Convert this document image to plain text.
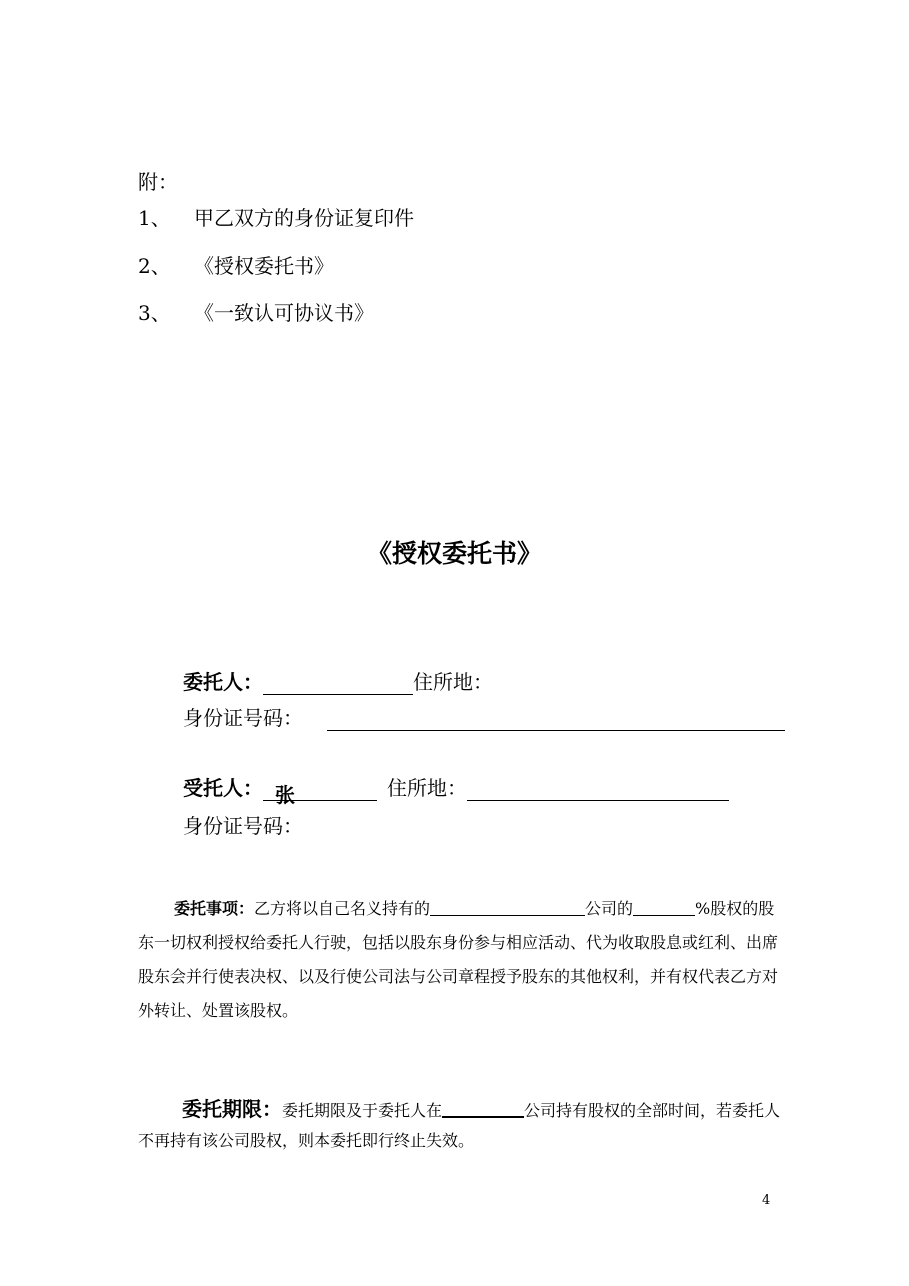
附：
1、 甲乙双方的身份证复印件
2、 《授权委托书》
3、 《一致认可协议书》
《授权委托书》
委托人：	住所地：
身份证号码：
受托人： 张	住所地：
身份证号码：
委托事项：乙方将以自己名义持有的	公司的	%股权的股东一切权利授权给委托人行驶，包括以股东身份参与相应活动、代为收取股息或红利、出席股东会并行使表决权、以及行使公司法与公司章程授予股东的其他权利，并有权代表乙方对外转让、处置该股权。
委托期限：委托期限及于委托人在	公司持有股权的全部时间，若委托人不再持有该公司股权，则本委托即行终止失效。
4
